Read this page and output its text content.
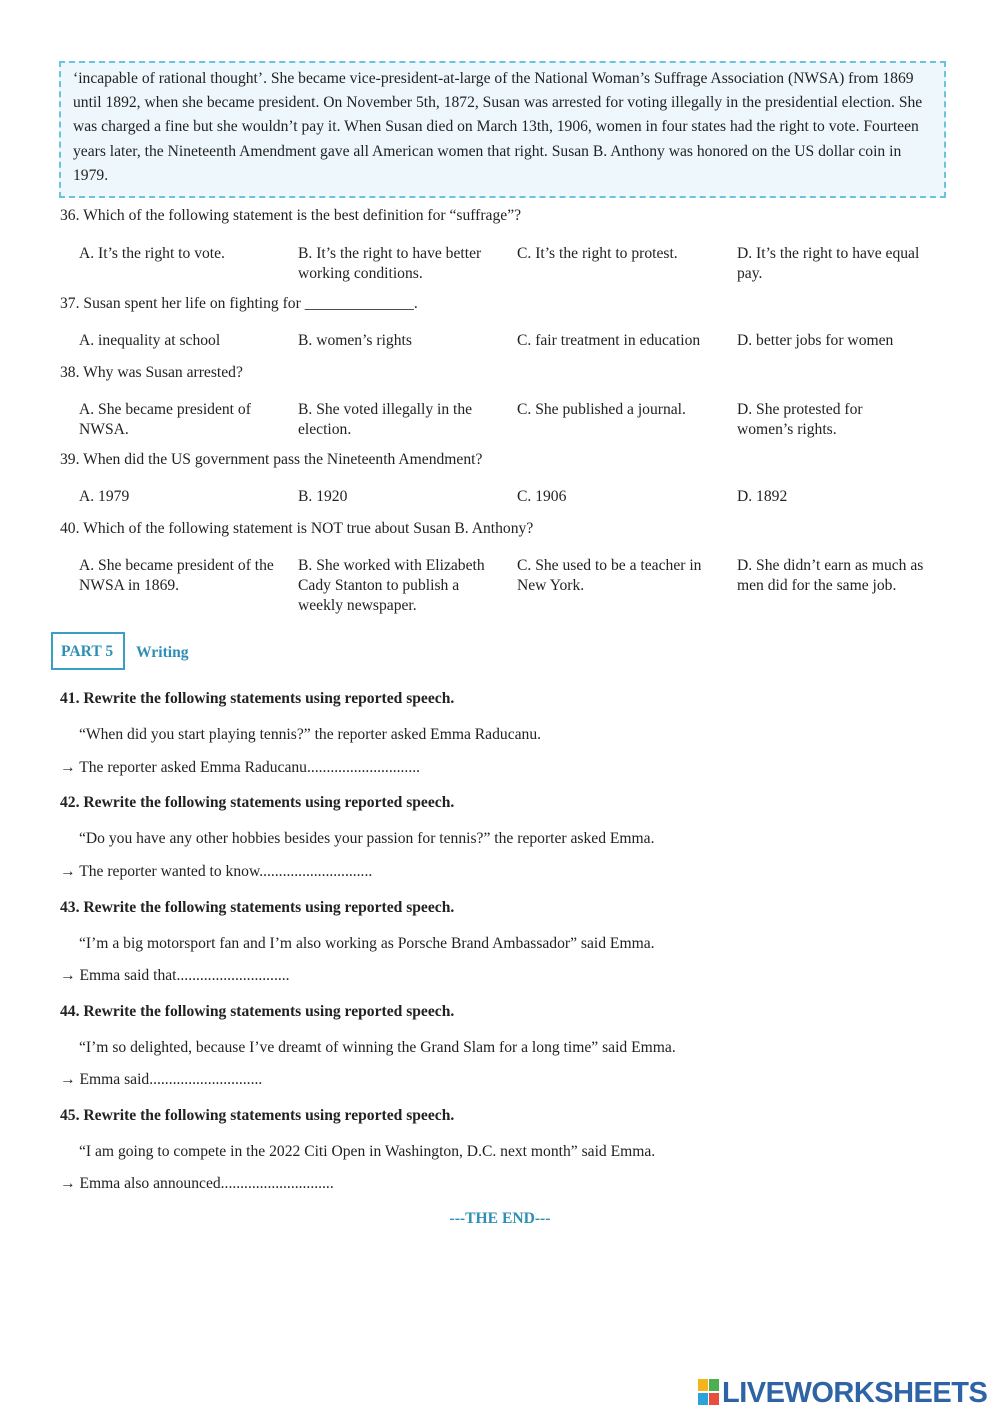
‘incapable of rational thought’. She became vice-president-at-large of the National Woman’s Suffrage Association (NWSA) from 1869 until 1892, when she became president. On November 5th, 1872, Susan was arrested for voting illegally in the presidential election. She was charged a fine but she wouldn’t pay it. When Susan died on March 13th, 1906, women in four states had the right to vote. Fourteen years later, the Nineteenth Amendment gave all American women that right. Susan B. Anthony was honored on the US dollar coin in 1979.
36. Which of the following statement is the best definition for “suffrage”?
A. It’s the right to vote.	B. It’s the right to have better working conditions.
C. It’s the right to protest.	D. It’s the right to have equal pay.
37. Susan spent her life on fighting for ______________.
A. inequality at school	B. women’s rights	C. fair treatment in education	D. better jobs for women
38. Why was Susan arrested?
A. She became president of NWSA.
B. She voted illegally in the election.
C. She published a journal.	D. She protested for women’s rights.
39. When did the US government pass the Nineteenth Amendment?
A. 1979	B. 1920	C. 1906	D. 1892
40. Which of the following statement is NOT true about Susan B. Anthony?
A. She became president of the NWSA in 1869.
B. She worked with Elizabeth Cady Stanton to publish a weekly newspaper.
C. She used to be a teacher in New York.
D. She didn’t earn as much as men did for the same job.
PART 5	Writing
41. Rewrite the following statements using reported speech.
“When did you start playing tennis?” the reporter asked Emma Raducanu.
→ The reporter asked Emma Raducanu.............................
42. Rewrite the following statements using reported speech.
“Do you have any other hobbies besides your passion for tennis?” the reporter asked Emma.
→ The reporter wanted to know.............................
43. Rewrite the following statements using reported speech.
“I’m a big motorsport fan and I’m also working as Porsche Brand Ambassador” said Emma.
→ Emma said that.............................
44. Rewrite the following statements using reported speech.
“I’m so delighted, because I’ve dreamt of winning the Grand Slam for a long time” said Emma.
→ Emma said.............................
45. Rewrite the following statements using reported speech.
“I am going to compete in the 2022 Citi Open in Washington, D.C. next month” said Emma.
→ Emma also announced.............................
---THE END---
LIVEWORKSHEETS
